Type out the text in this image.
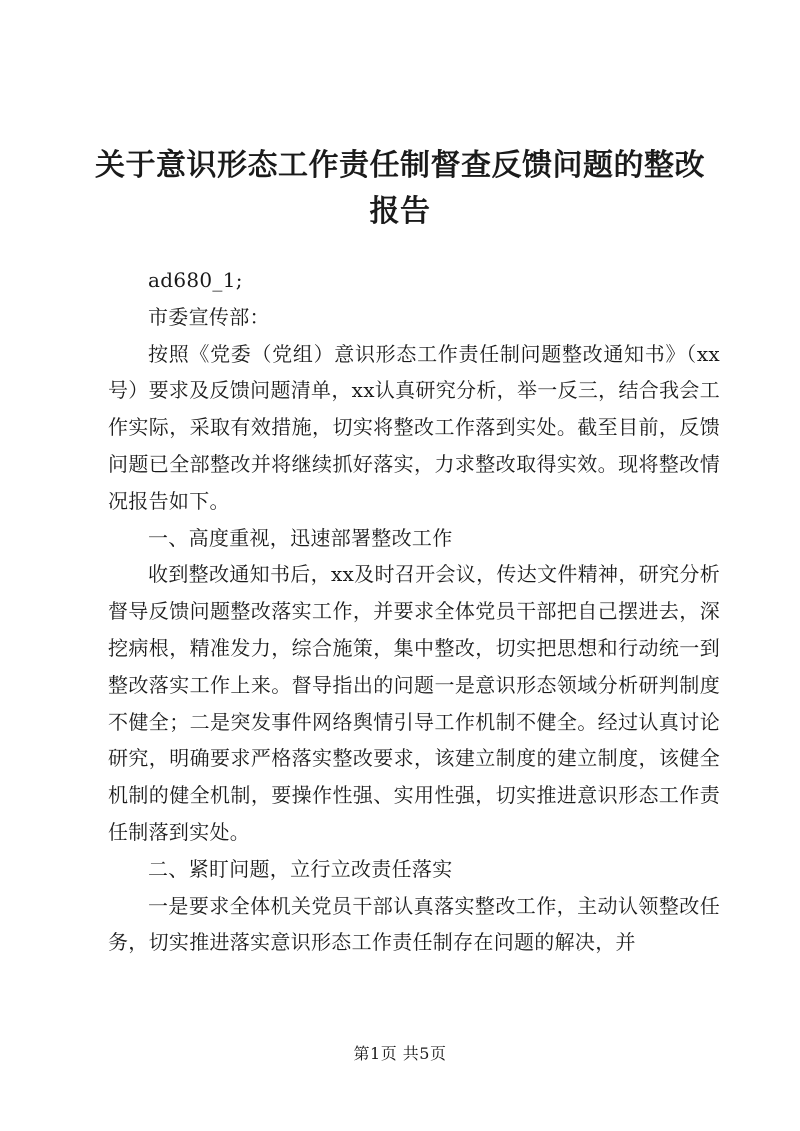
关于意识形态工作责任制督查反馈问题的整改报告

ad680_1;

市委宣传部：

按照《党委（党组）意识形态工作责任制问题整改通知书》（xx号）要求及反馈问题清单，xx认真研究分析，举一反三，结合我会工作实际，采取有效措施，切实将整改工作落到实处。截至目前，反馈问题已全部整改并将继续抓好落实，力求整改取得实效。现将整改情况报告如下。

一、高度重视，迅速部署整改工作

收到整改通知书后，xx及时召开会议，传达文件精神，研究分析督导反馈问题整改落实工作，并要求全体党员干部把自己摆进去，深挖病根，精准发力，综合施策，集中整改，切实把思想和行动统一到整改落实工作上来。督导指出的问题一是意识形态领域分析研判制度不健全；二是突发事件网络舆情引导工作机制不健全。经过认真讨论研究，明确要求严格落实整改要求，该建立制度的建立制度，该健全机制的健全机制，要操作性强、实用性强，切实推进意识形态工作责任制落到实处。

二、紧盯问题，立行立改责任落实

一是要求全体机关党员干部认真落实整改工作，主动认领整改任务，切实推进落实意识形态工作责任制存在问题的解决，并

第1页 共5页
